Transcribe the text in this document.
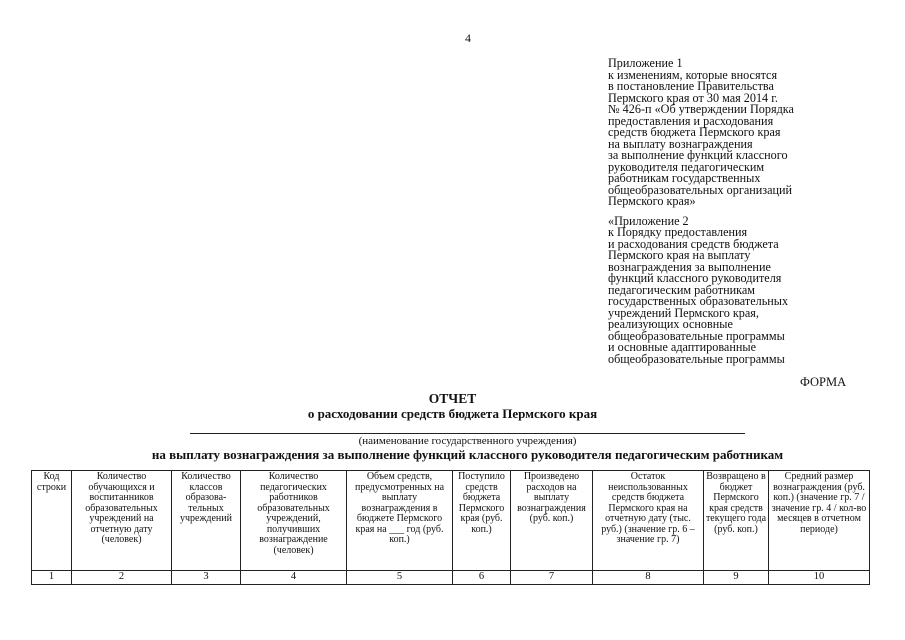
4
Приложение 1
к изменениям, которые вносятся
в постановление Правительства
Пермского края от 30 мая 2014 г.
№ 426-п «Об утверждении Порядка
предоставления и расходования
средств бюджета Пермского края
на выплату вознаграждения
за выполнение функций классного
руководителя педагогическим
работникам государственных
общеобразовательных организаций
Пермского края»
«Приложение 2
к Порядку предоставления
и расходования средств бюджета
Пермского края на выплату
вознаграждения за выполнение
функций классного руководителя
педагогическим работникам
государственных образовательных
учреждений Пермского края,
реализующих основные
общеобразовательные программы
и основные адаптированные
общеобразовательные программы
ФОРМА
ОТЧЕТ
о расходовании средств бюджета Пермского края
(наименование государственного учреждения)
на выплату вознаграждения за выполнение функций классного руководителя педагогическим работникам
Код строки	Количество обучающихся и воспитанников образовательных учреждений на отчетную дату (человек)	Количество классов образова-тельных учреждений	Количество педагогических работников образовательных учреждений, получивших вознаграждение (человек)	Объем средств, предусмотренных на выплату вознаграждения в бюджете Пермского края на ___ год (руб. коп.)	Поступило средств бюджета Пермского края (руб. коп.)	Произведено расходов на выплату вознаграждения (руб. коп.)	Остаток неиспользованных средств бюджета Пермского края на отчетную дату (тыс. руб.) (значение гр. 6 – значение гр. 7)	Возвращено в бюджет Пермского края средств текущего года (руб. коп.)	Средний размер вознаграждения (руб. коп.) (значение гр. 7 / значение гр. 4 / кол-во месяцев в отчетном периоде)
1	2	3	4	5	6	7	8	9	10
